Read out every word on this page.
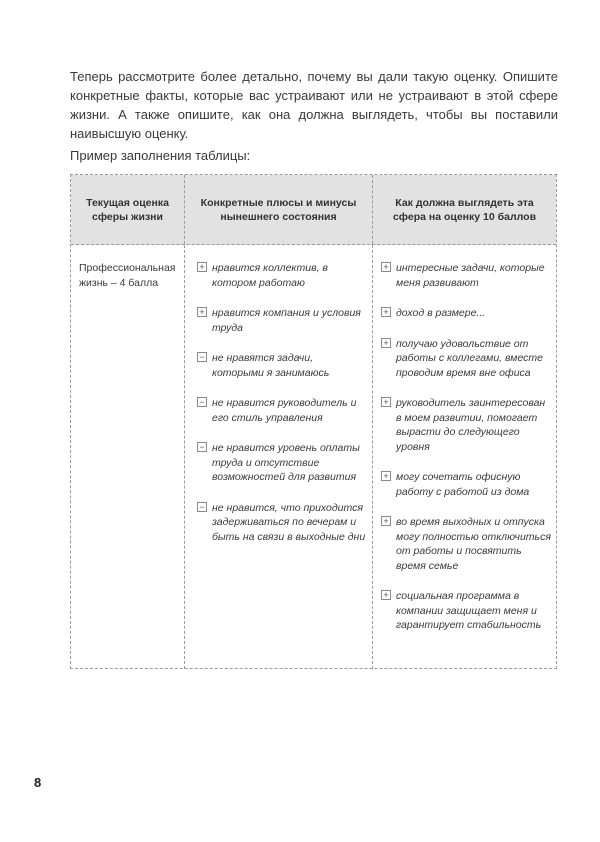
Теперь рассмотрите более детально, почему вы дали такую оценку. Опишите конкретные факты, которые вас устраивают или не устраивают в этой сфере жизни. А также опишите, как она должна выглядеть, чтобы вы поставили наивысшую оценку.

Пример заполнения таблицы:

Текущая оценка сферы жизни
Конкретные плюсы и минусы нынешнего состояния
Как должна выглядеть эта сфера на оценку 10 баллов
Профессиональная жизнь – 4 балла
+ нравится коллектив, в котором работаю
+ нравится компания и условия труда
− не нравятся задачи, которыми я занимаюсь
− не нравится руководитель и его стиль управления
− не нравится уровень оплаты труда и отсутствие возможностей для развития
− не нравится, что приходится задерживаться по вечерам и быть на связи в выходные дни
+ интересные задачи, которые меня развивают
+ доход в размере...
+ получаю удовольствие от работы с коллегами, вместе проводим время вне офиса
+ руководитель заинтересован в моем развитии, помогает вырасти до следующего уровня
+ могу сочетать офисную работу с работой из дома
+ во время выходных и отпуска могу полностью отключиться от работы и посвятить время семье
+ социальная программа в компании защищает меня и гарантирует стабильность
8
